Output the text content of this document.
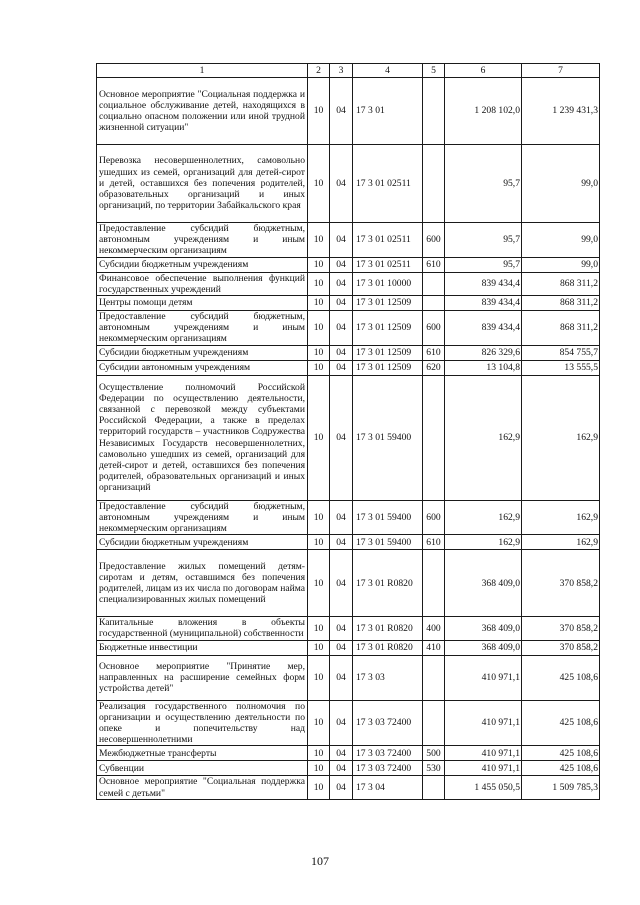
1	2	3	4	5	6	7
Основное мероприятие "Социальная поддержка и социальное обслуживание детей, находящихся в социально опасном положении или иной трудной жизненной ситуации"	10	04	17 3 01		1 208 102,0	1 239 431,3
Перевозка несовершеннолетних, самовольно ушедших из семей, организаций для детей-сирот и детей, оставшихся без попечения родителей, образовательных организаций и иных организаций, по территории Забайкальского края	10	04	17 3 01 02511		95,7	99,0
Предоставление субсидий бюджетным, автономным учреждениям и иным некоммерческим организациям	10	04	17 3 01 02511	600	95,7	99,0
Субсидии бюджетным учреждениям	10	04	17 3 01 02511	610	95,7	99,0
Финансовое обеспечение выполнения функций государственных учреждений	10	04	17 3 01 10000		839 434,4	868 311,2
Центры помощи детям	10	04	17 3 01 12509		839 434,4	868 311,2
Предоставление субсидий бюджетным, автономным учреждениям и иным некоммерческим организациям	10	04	17 3 01 12509	600	839 434,4	868 311,2
Субсидии бюджетным учреждениям	10	04	17 3 01 12509	610	826 329,6	854 755,7
Субсидии автономным учреждениям	10	04	17 3 01 12509	620	13 104,8	13 555,5
Осуществление полномочий Российской Федерации по осуществлению деятельности, связанной с перевозкой между субъектами Российской Федерации, а также в пределах территорий государств – участников Содружества Независимых Государств несовершеннолетних, самовольно ушедших из семей, организаций для детей-сирот и детей, оставшихся без попечения родителей, образовательных организаций и иных организаций	10	04	17 3 01 59400		162,9	162,9
Предоставление субсидий бюджетным, автономным учреждениям и иным некоммерческим организациям	10	04	17 3 01 59400	600	162,9	162,9
Субсидии бюджетным учреждениям	10	04	17 3 01 59400	610	162,9	162,9
Предоставление жилых помещений детям-сиротам и детям, оставшимся без попечения родителей, лицам из их числа по договорам найма специализированных жилых помещений	10	04	17 3 01 R0820		368 409,0	370 858,2
Капитальные вложения в объекты государственной (муниципальной) собственности	10	04	17 3 01 R0820	400	368 409,0	370 858,2
Бюджетные инвестиции	10	04	17 3 01 R0820	410	368 409,0	370 858,2
Основное мероприятие "Принятие мер, направленных на расширение семейных форм устройства детей"	10	04	17 3 03		410 971,1	425 108,6
Реализация государственного полномочия по организации и осуществлению деятельности по опеке и попечительству над несовершеннолетними	10	04	17 3 03 72400		410 971,1	425 108,6
Межбюджетные трансферты	10	04	17 3 03 72400	500	410 971,1	425 108,6
Субвенции	10	04	17 3 03 72400	530	410 971,1	425 108,6
Основное мероприятие "Социальная поддержка семей с детьми"	10	04	17 3 04		1 455 050,5	1 509 785,3
107
